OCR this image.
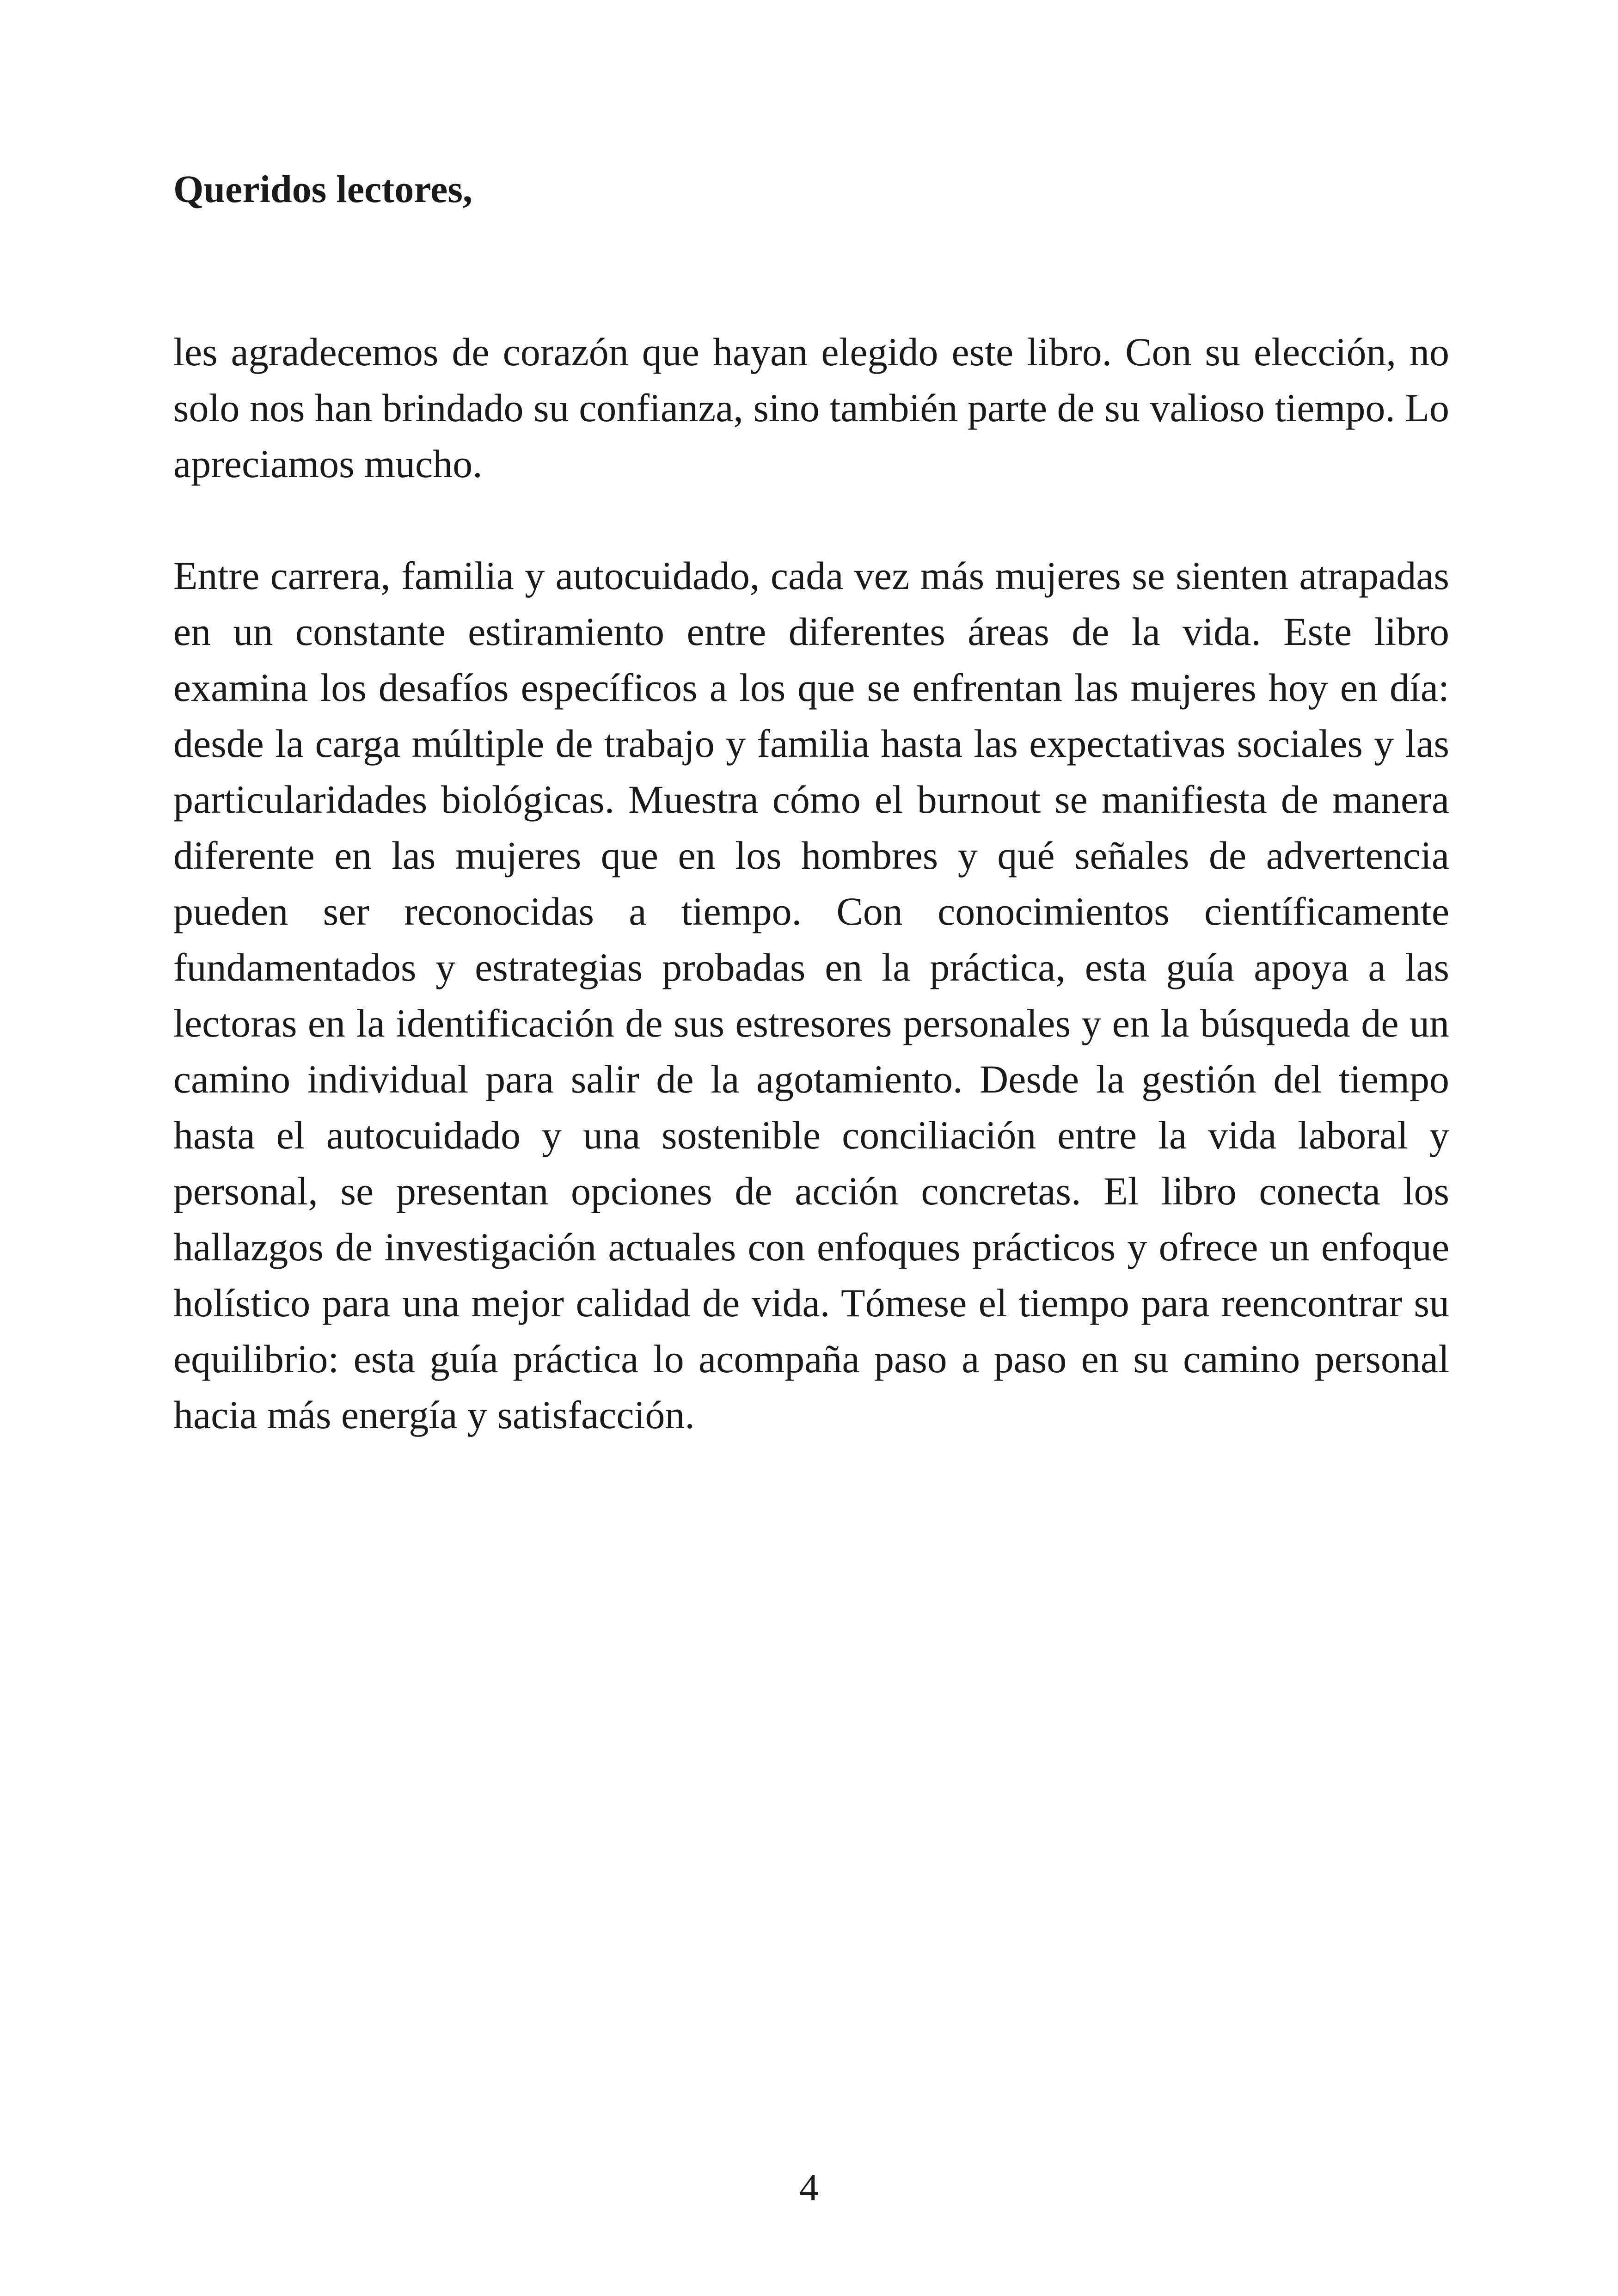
Queridos lectores,

les agradecemos de corazón que hayan elegido este libro. Con su elección, no solo nos han brindado su confianza, sino también parte de su valioso tiempo. Lo apreciamos mucho.

Entre carrera, familia y autocuidado, cada vez más mujeres se sienten atrapadas en un constante estiramiento entre diferentes áreas de la vida. Este libro examina los desafíos específicos a los que se enfrentan las mujeres hoy en día: desde la carga múltiple de trabajo y familia hasta las expectativas sociales y las particularidades biológicas. Muestra cómo el burnout se manifiesta de manera diferente en las mujeres que en los hombres y qué señales de advertencia pueden ser reconocidas a tiempo. Con conocimientos científicamente fundamentados y estrategias probadas en la práctica, esta guía apoya a las lectoras en la identificación de sus estresores personales y en la búsqueda de un camino individual para salir de la agotamiento. Desde la gestión del tiempo hasta el autocuidado y una sostenible conciliación entre la vida laboral y personal, se presentan opciones de acción concretas. El libro conecta los hallazgos de investigación actuales con enfoques prácticos y ofrece un enfoque holístico para una mejor calidad de vida. Tómese el tiempo para reencontrar su equilibrio: esta guía práctica lo acompaña paso a paso en su camino personal hacia más energía y satisfacción.

4
